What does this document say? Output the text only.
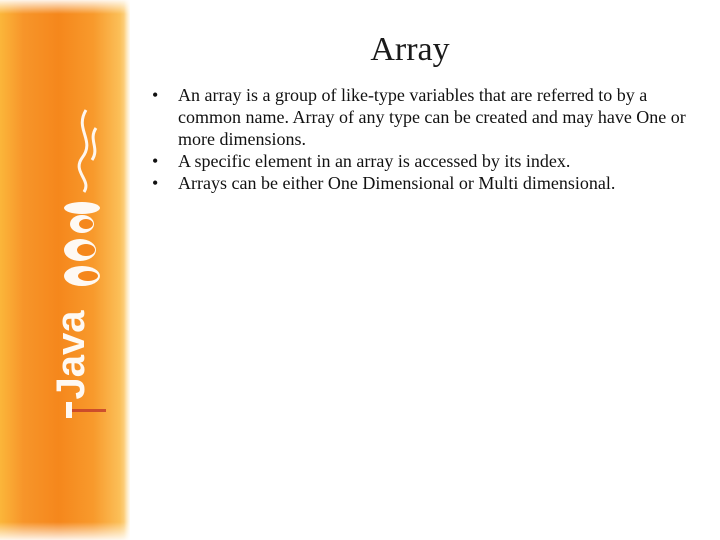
Java
Array
• An array is a group of like-type variables that are referred to by a common name. Array of any type can be created and may have One or more dimensions.
• A specific element in an array is accessed by its index.
• Arrays can be either One Dimensional or Multi dimensional.
